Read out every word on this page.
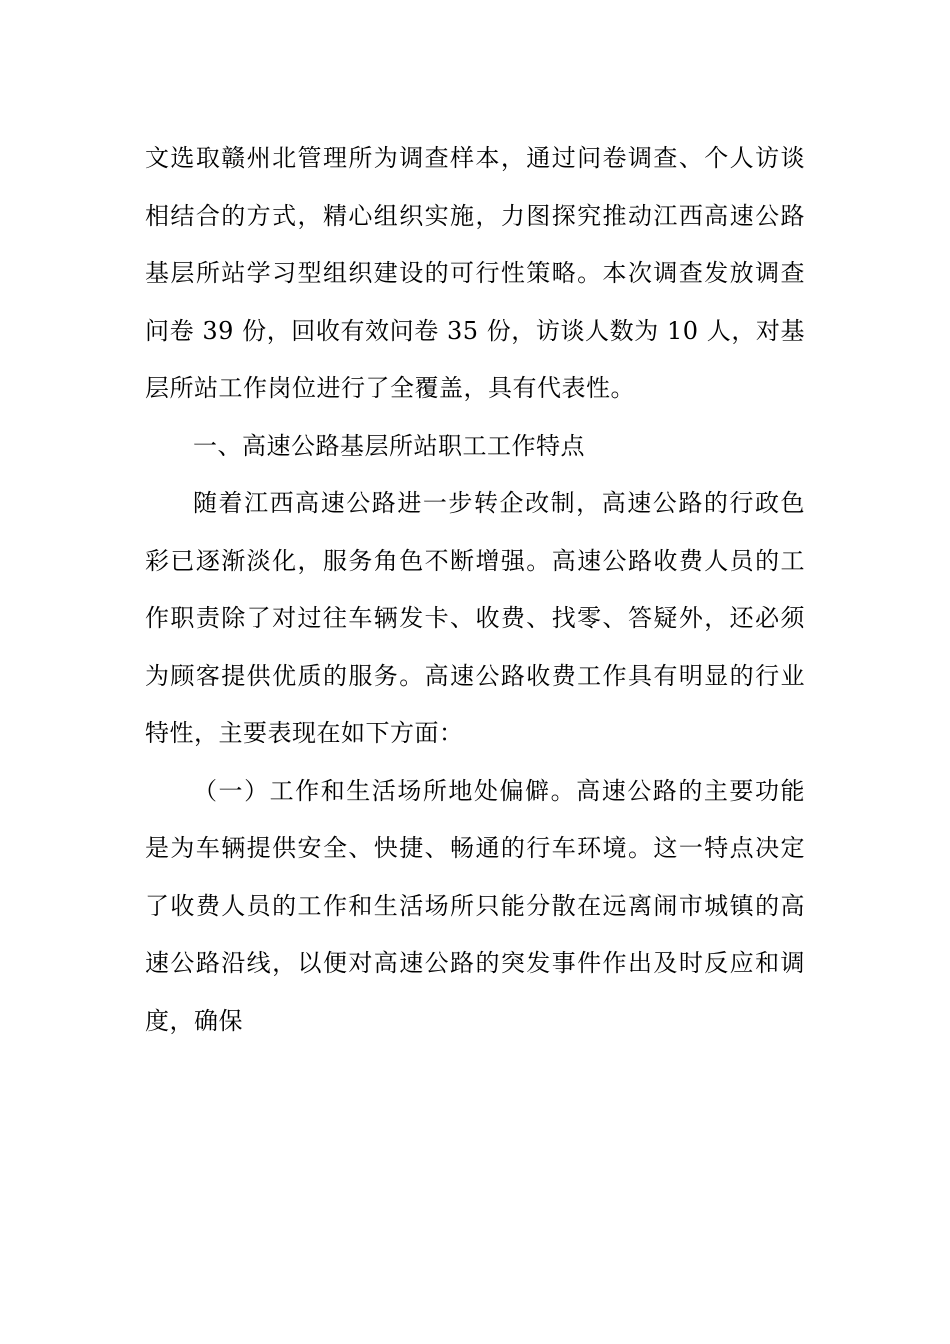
文选取赣州北管理所为调查样本，通过问卷调查、个人访谈相结合的方式，精心组织实施，力图探究推动江西高速公路基层所站学习型组织建设的可行性策略。本次调查发放调查问卷 39 份，回收有效问卷 35 份，访谈人数为 10 人，对基层所站工作岗位进行了全覆盖，具有代表性。

一、高速公路基层所站职工工作特点

随着江西高速公路进一步转企改制，高速公路的行政色彩已逐渐淡化，服务角色不断增强。高速公路收费人员的工作职责除了对过往车辆发卡、收费、找零、答疑外，还必须为顾客提供优质的服务。高速公路收费工作具有明显的行业特性，主要表现在如下方面：

（一）工作和生活场所地处偏僻。高速公路的主要功能是为车辆提供安全、快捷、畅通的行车环境。这一特点决定了收费人员的工作和生活场所只能分散在远离闹市城镇的高速公路沿线，以便对高速公路的突发事件作出及时反应和调度，确保
